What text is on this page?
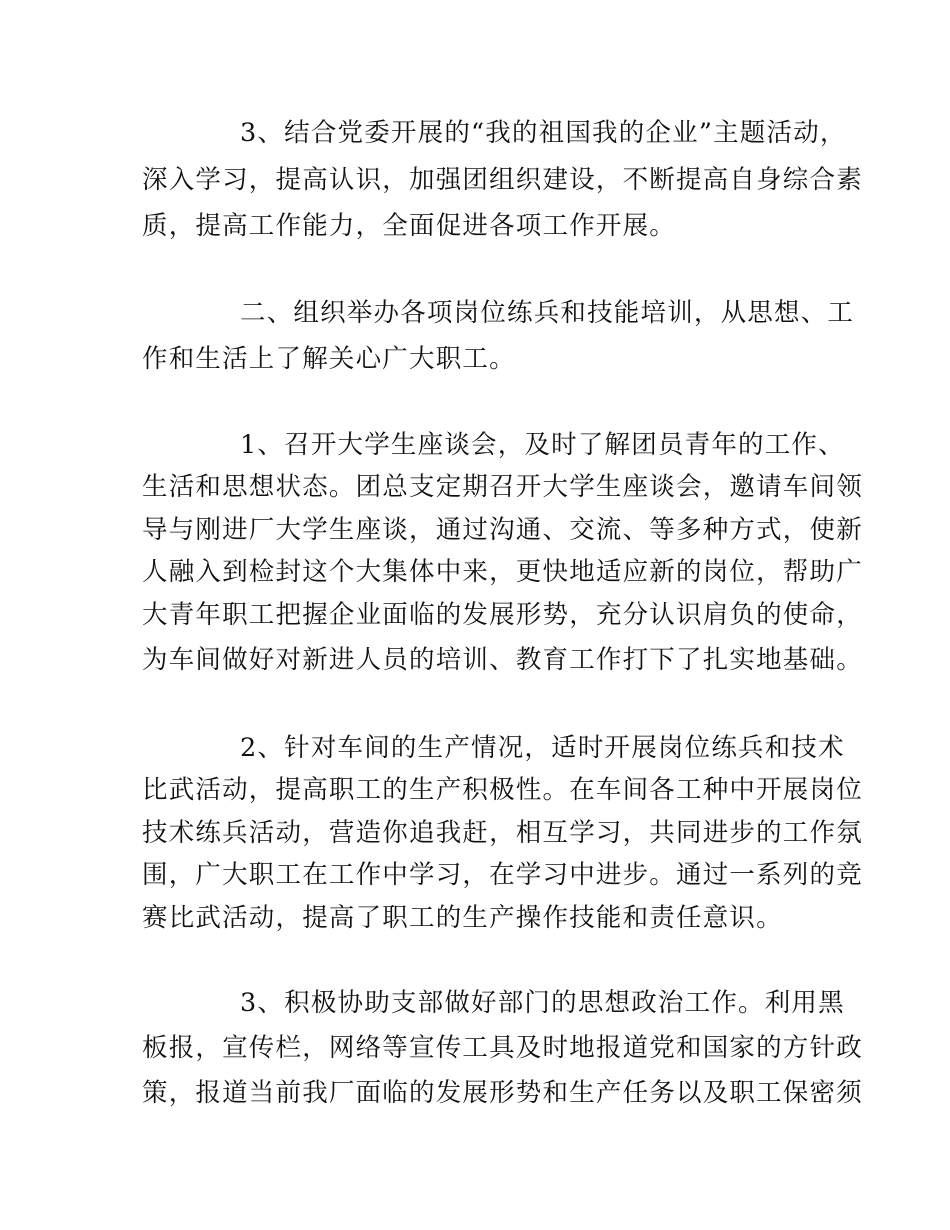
3、结合党委开展的“我的祖国我的企业”主题活动，
深入学习，提高认识，加强团组织建设，不断提高自身综合素
质，提高工作能力，全面促进各项工作开展。
二、组织举办各项岗位练兵和技能培训，从思想、工
作和生活上了解关心广大职工。
1、召开大学生座谈会，及时了解团员青年的工作、
生活和思想状态。团总支定期召开大学生座谈会，邀请车间领
导与刚进厂大学生座谈，通过沟通、交流、等多种方式，使新
人融入到检封这个大集体中来，更快地适应新的岗位，帮助广
大青年职工把握企业面临的发展形势，充分认识肩负的使命，
为车间做好对新进人员的培训、教育工作打下了扎实地基础。
2、针对车间的生产情况，适时开展岗位练兵和技术
比武活动，提高职工的生产积极性。在车间各工种中开展岗位
技术练兵活动，营造你追我赶，相互学习，共同进步的工作氛
围，广大职工在工作中学习，在学习中进步。通过一系列的竞
赛比武活动，提高了职工的生产操作技能和责任意识。
3、积极协助支部做好部门的思想政治工作。利用黑
板报，宣传栏，网络等宣传工具及时地报道党和国家的方针政
策，报道当前我厂面临的发展形势和生产任务以及职工保密须
